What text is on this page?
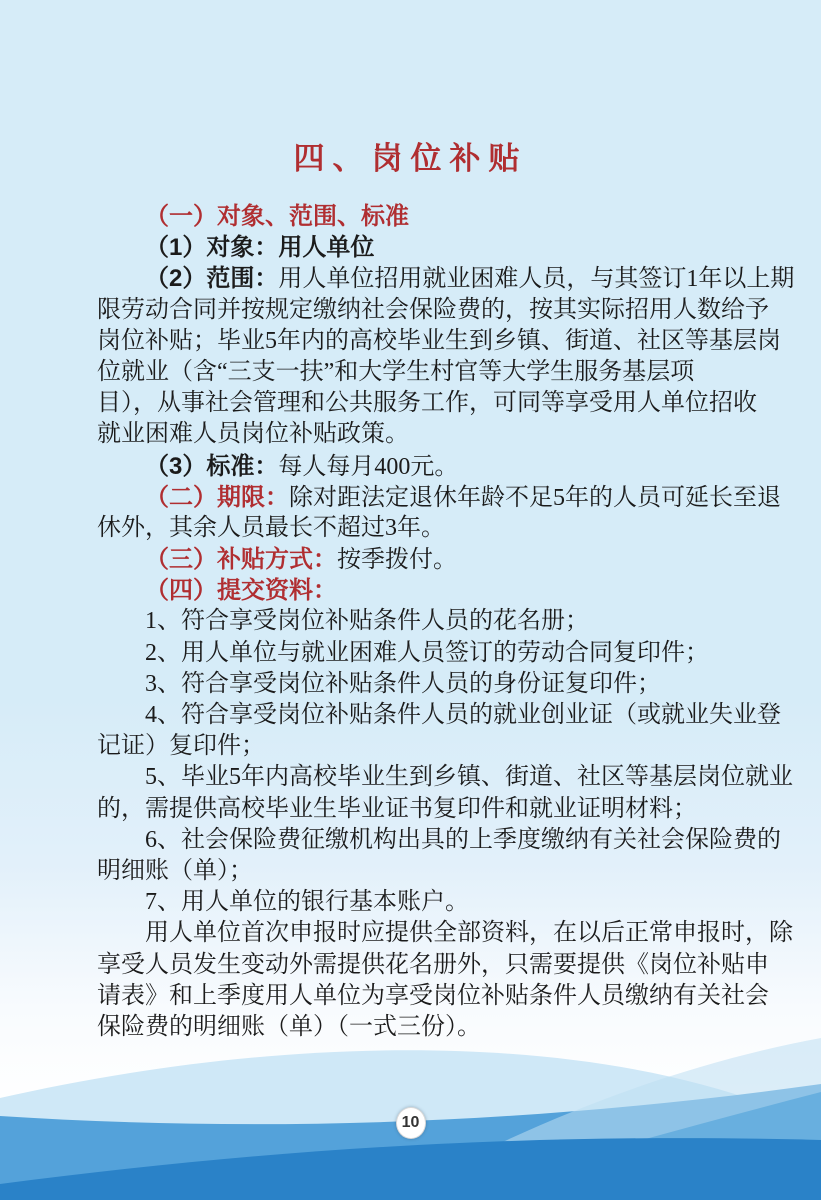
四、岗位补贴
（一）对象、范围、标准
（1）对象：用人单位
（2）范围：用人单位招用就业困难人员，与其签订1年以上期
限劳动合同并按规定缴纳社会保险费的，按其实际招用人数给予
岗位补贴；毕业5年内的高校毕业生到乡镇、街道、社区等基层岗
位就业（含“三支一扶”和大学生村官等大学生服务基层项
目），从事社会管理和公共服务工作，可同等享受用人单位招收
就业困难人员岗位补贴政策。
（3）标准：每人每月400元。
（二）期限：除对距法定退休年龄不足5年的人员可延长至退
休外，其余人员最长不超过3年。
（三）补贴方式：按季拨付。
（四）提交资料：
1、符合享受岗位补贴条件人员的花名册；
2、用人单位与就业困难人员签订的劳动合同复印件；
3、符合享受岗位补贴条件人员的身份证复印件；
4、符合享受岗位补贴条件人员的就业创业证（或就业失业登
记证）复印件；
5、毕业5年内高校毕业生到乡镇、街道、社区等基层岗位就业
的，需提供高校毕业生毕业证书复印件和就业证明材料；
6、社会保险费征缴机构出具的上季度缴纳有关社会保险费的
明细账（单）；
7、用人单位的银行基本账户。
用人单位首次申报时应提供全部资料，在以后正常申报时，除
享受人员发生变动外需提供花名册外，只需要提供《岗位补贴申
请表》和上季度用人单位为享受岗位补贴条件人员缴纳有关社会
保险费的明细账（单）（一式三份）。
10
